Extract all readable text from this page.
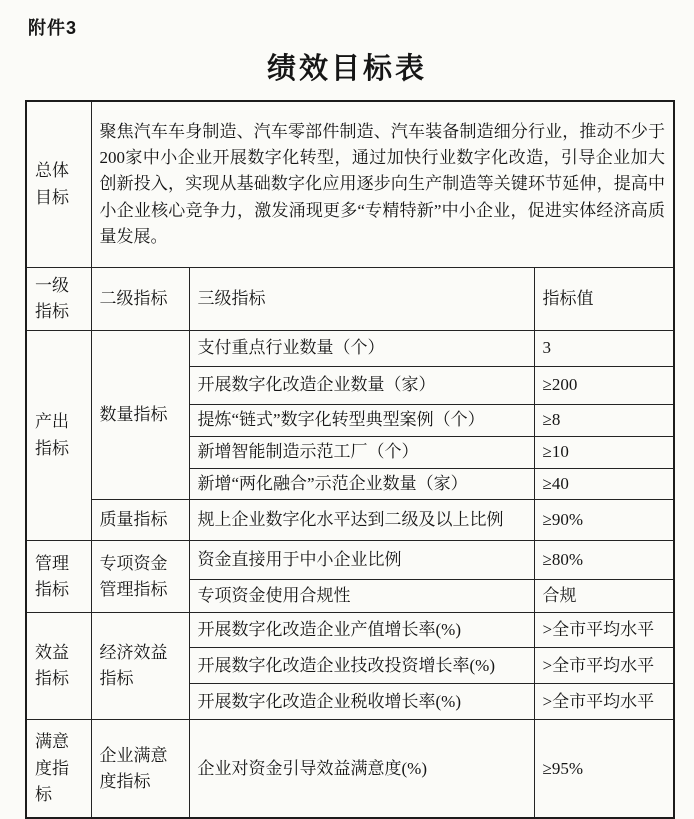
附件3
绩效目标表
总体目标	聚焦汽车车身制造、汽车零部件制造、汽车装备制造细分行业，推动不少于200家中小企业开展数字化转型，通过加快行业数字化改造，引导企业加大创新投入，实现从基础数字化应用逐步向生产制造等关键环节延伸，提高中小企业核心竞争力，激发涌现更多“专精特新”中小企业，促进实体经济高质量发展。		
一级指标	二级指标	三级指标	指标值
产出指标	数量指标	支付重点行业数量（个）	3
		开展数字化改造企业数量（家）	≥200
		提炼“链式”数字化转型典型案例（个）	≥8
		新增智能制造示范工厂（个）	≥10
		新增“两化融合”示范企业数量（家）	≥40
	质量指标	规上企业数字化水平达到二级及以上比例	≥90%
管理指标	专项资金管理指标	资金直接用于中小企业比例	≥80%
		专项资金使用合规性	合规
效益指标	经济效益指标	开展数字化改造企业产值增长率(%)	>全市平均水平
		开展数字化改造企业技改投资增长率(%)	>全市平均水平
		开展数字化改造企业税收增长率(%)	>全市平均水平
满意度指标	企业满意度指标	企业对资金引导效益满意度(%)	≥95%
